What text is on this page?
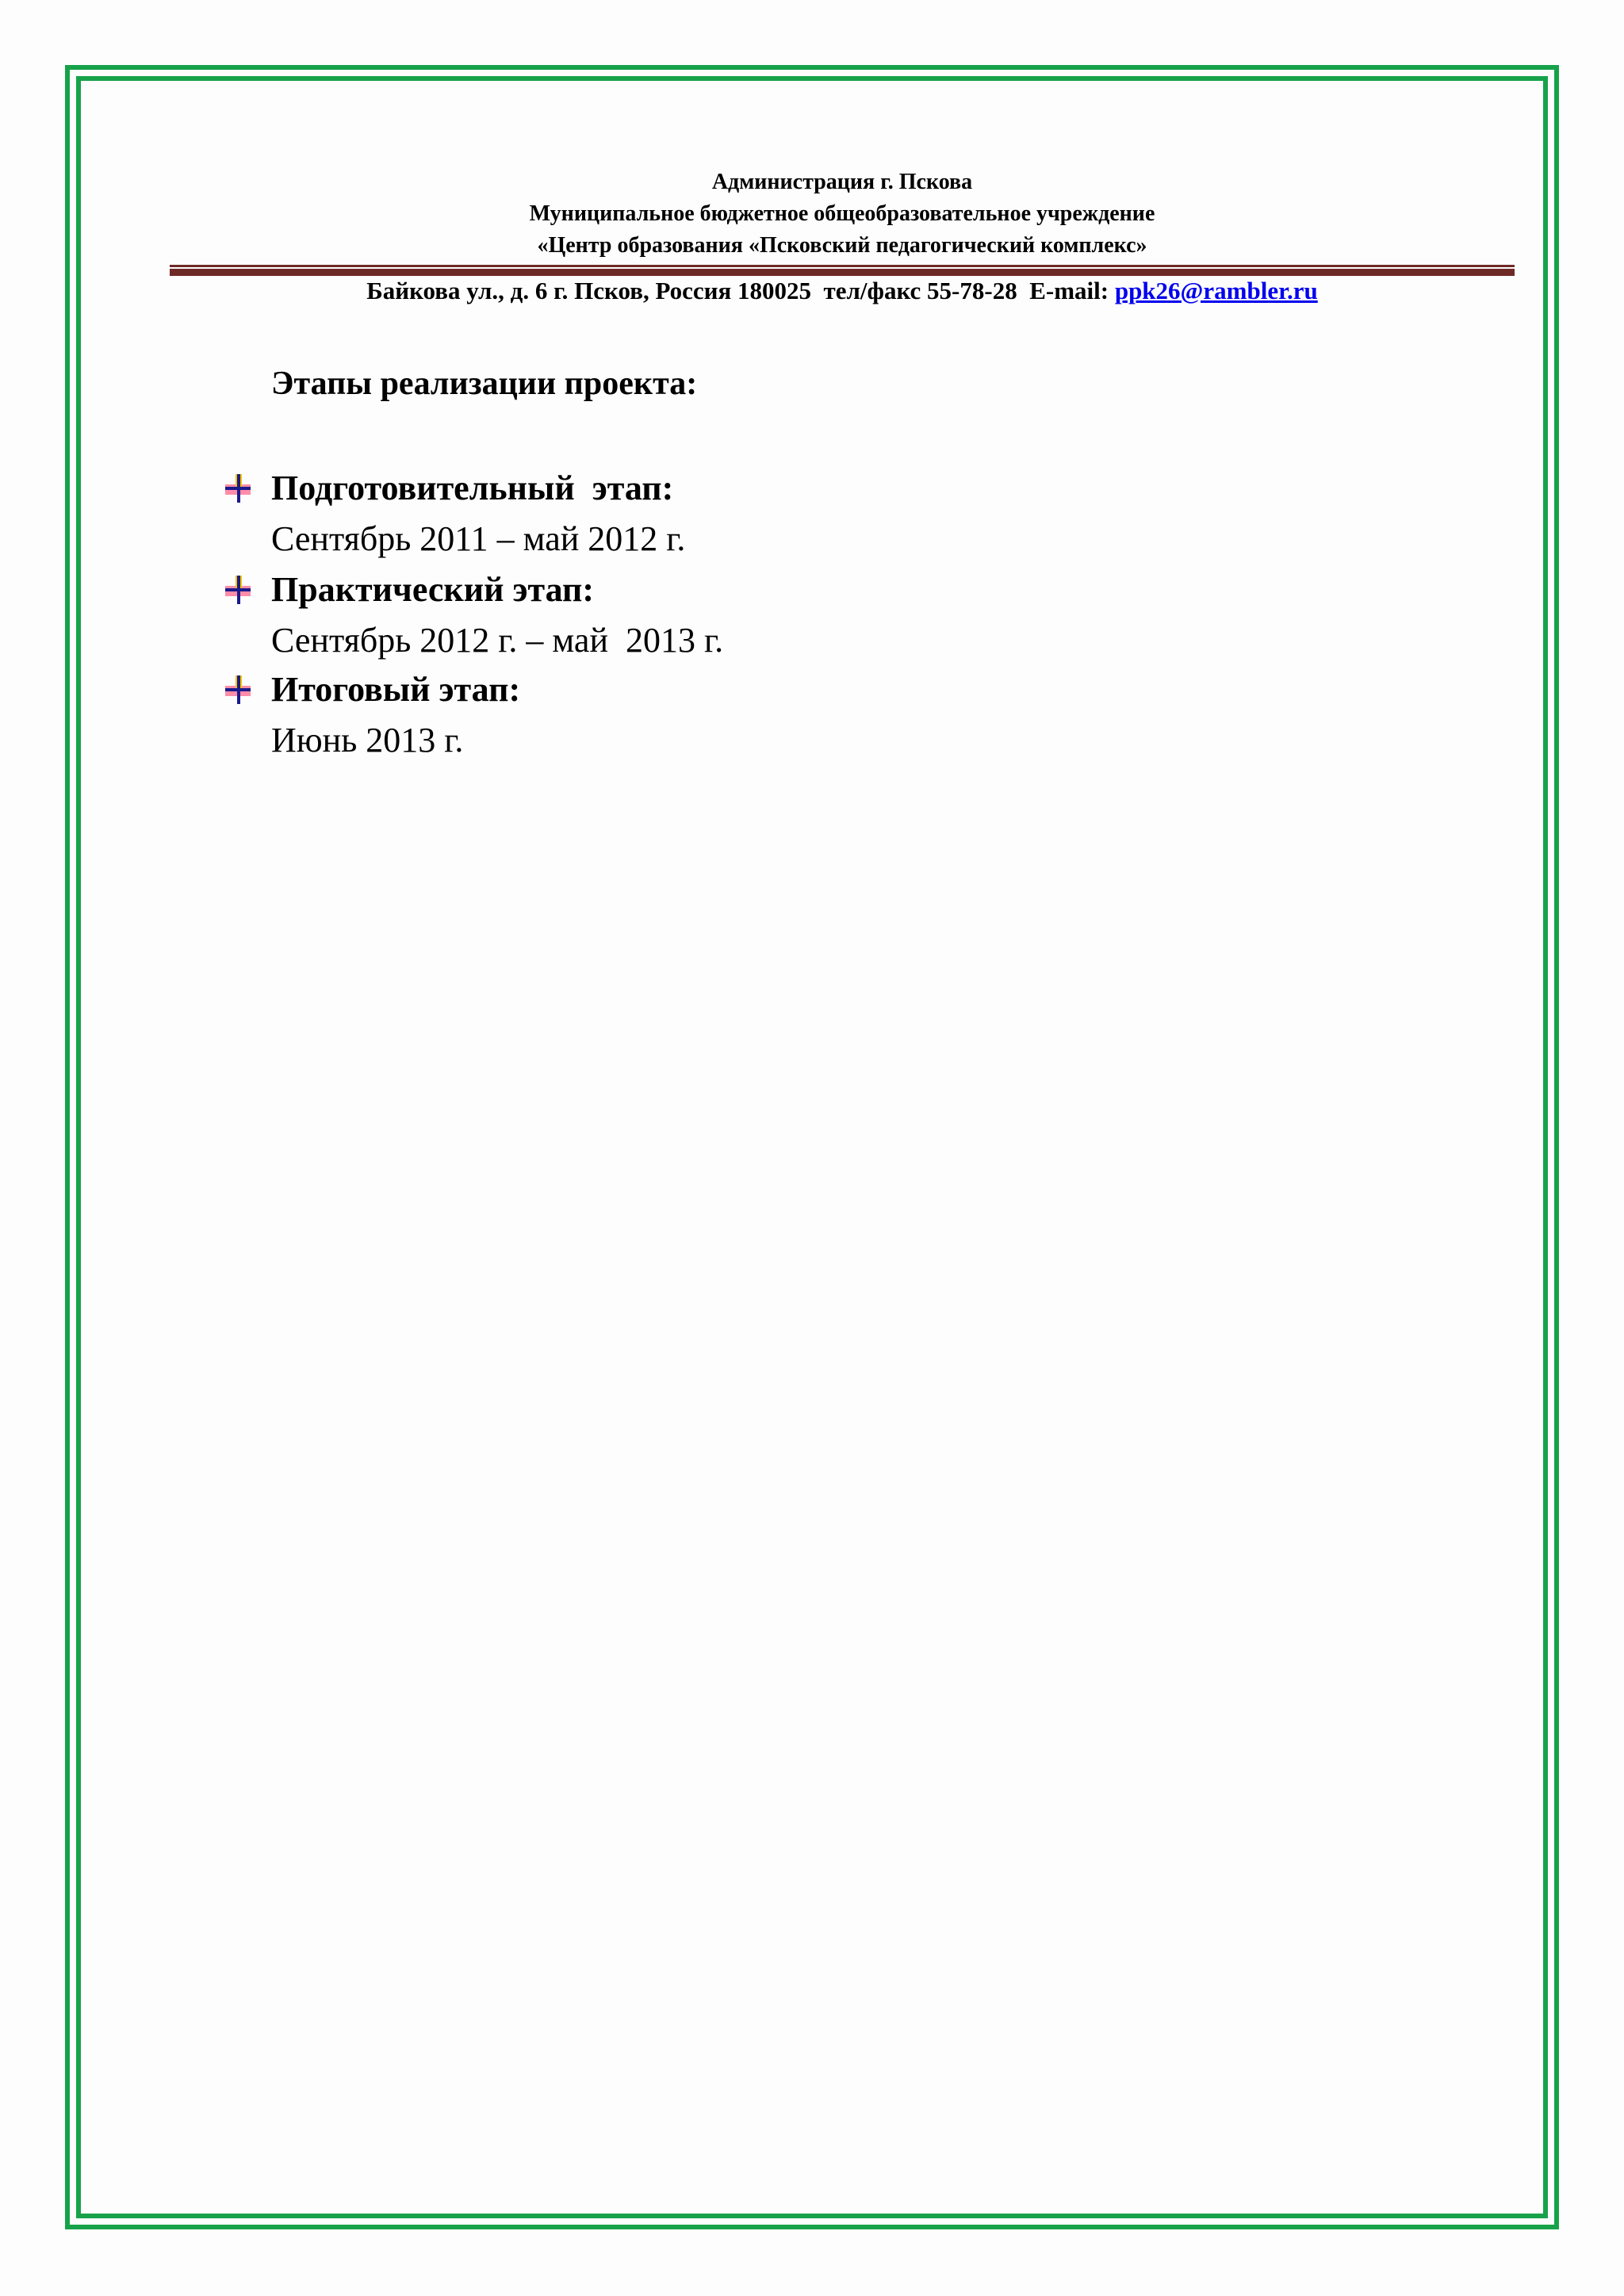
Администрация г. Пскова
Муниципальное бюджетное общеобразовательное учреждение
«Центр образования «Псковский педагогический комплекс»
Байкова ул., д. 6 г. Псков, Россия 180025  тел/факс 55-78-28  E-mail: ppk26@rambler.ru
Этапы реализации проекта:
Подготовительный  этап:
Сентябрь 2011 – май 2012 г.
Практический этап:
Сентябрь 2012 г. – май  2013 г.
Итоговый этап:
Июнь 2013 г.
